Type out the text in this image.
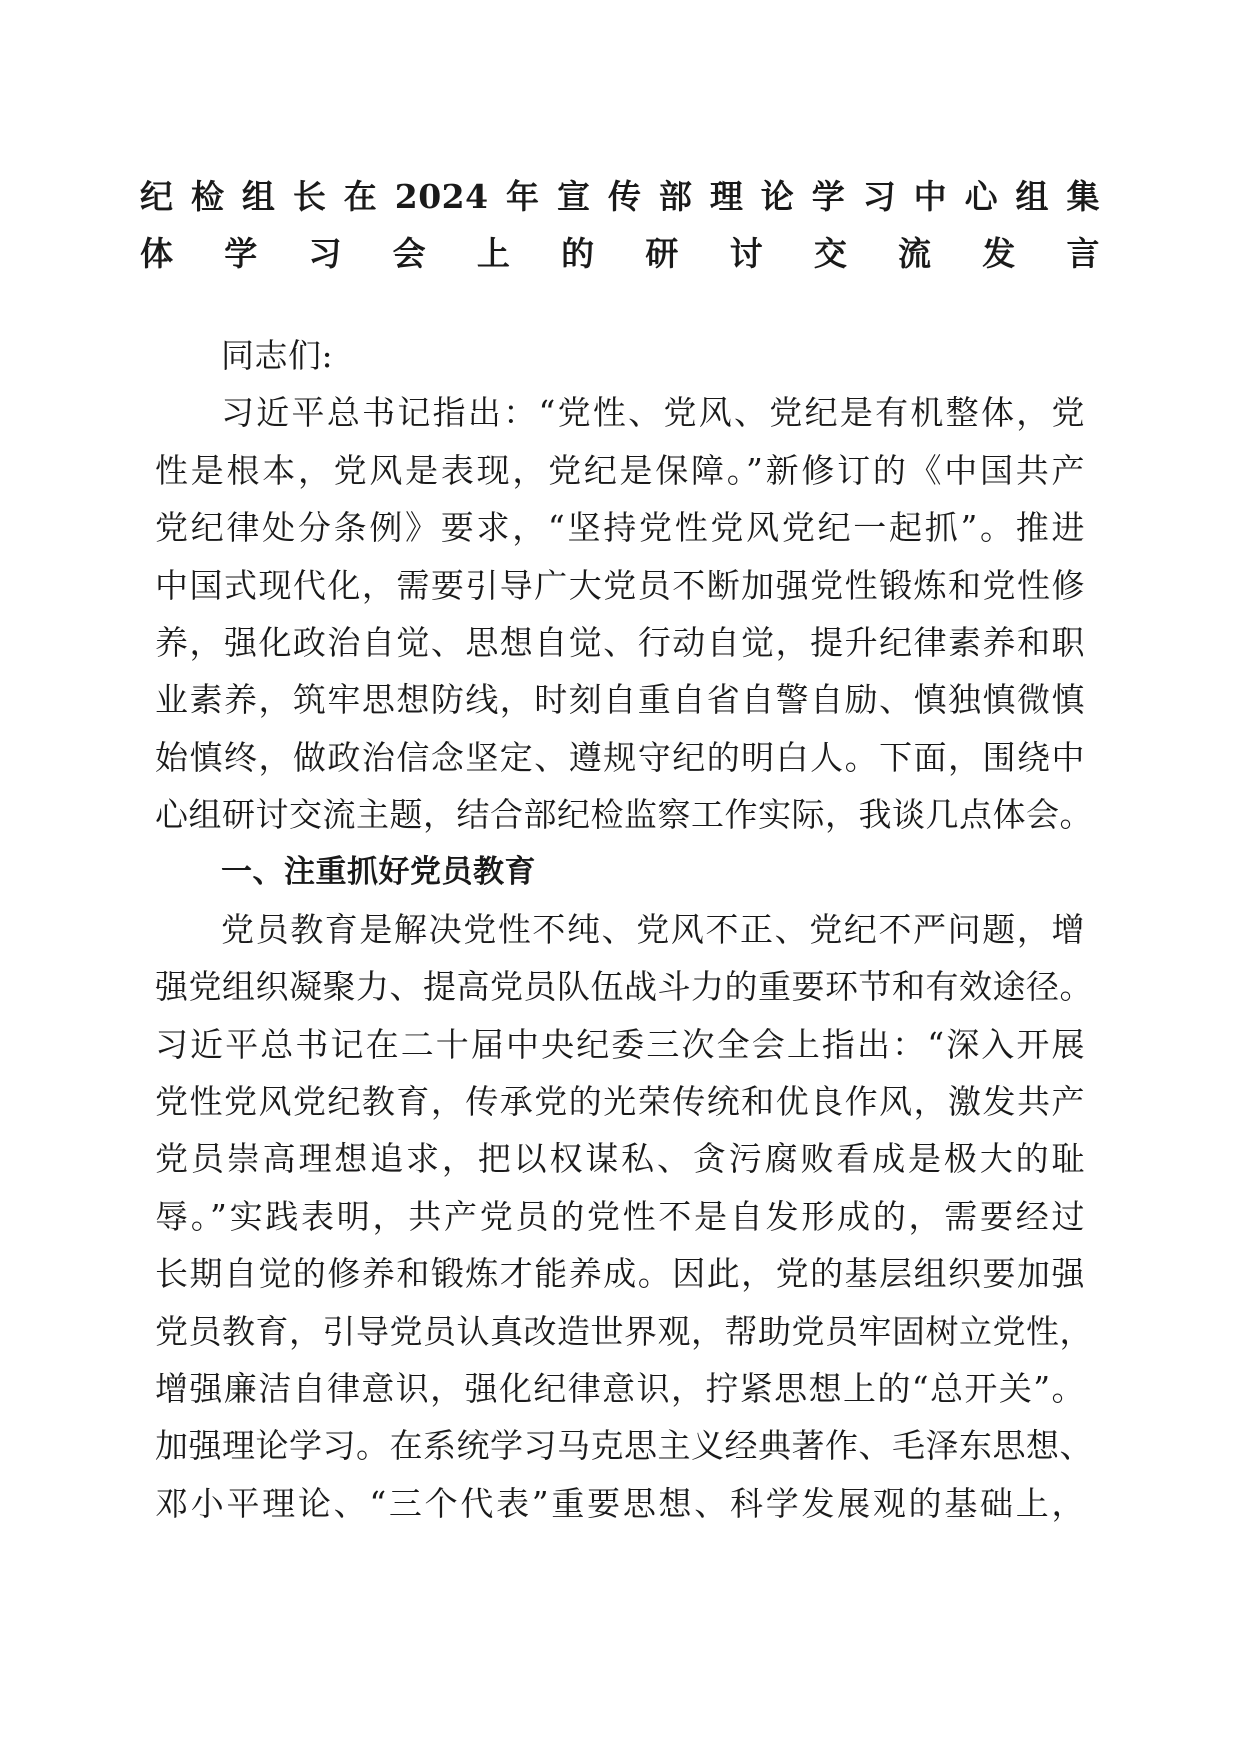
纪检组长在2024年宣传部理论学习中心组集
体学习会上的研讨交流发言
同志们:
习近平总书记指出：“党性、党风、党纪是有机整体，党
性是根本，党风是表现，党纪是保障。”新修订的《中国共产
党纪律处分条例》要求，“坚持党性党风党纪一起抓”。推进
中国式现代化，需要引导广大党员不断加强党性锻炼和党性修
养，强化政治自觉、思想自觉、行动自觉，提升纪律素养和职
业素养，筑牢思想防线，时刻自重自省自警自励、慎独慎微慎
始慎终，做政治信念坚定、遵规守纪的明白人。下面，围绕中
心组研讨交流主题，结合部纪检监察工作实际，我谈几点体会。
一、注重抓好党员教育
党员教育是解决党性不纯、党风不正、党纪不严问题，增
强党组织凝聚力、提高党员队伍战斗力的重要环节和有效途径。
习近平总书记在二十届中央纪委三次全会上指出：“深入开展
党性党风党纪教育，传承党的光荣传统和优良作风，激发共产
党员崇高理想追求，把以权谋私、贪污腐败看成是极大的耻
辱。”实践表明，共产党员的党性不是自发形成的，需要经过
长期自觉的修养和锻炼才能养成。因此，党的基层组织要加强
党员教育，引导党员认真改造世界观，帮助党员牢固树立党性，
增强廉洁自律意识，强化纪律意识，拧紧思想上的“总开关”。
加强理论学习。在系统学习马克思主义经典著作、毛泽东思想、
邓小平理论、“三个代表”重要思想、科学发展观的基础上，
